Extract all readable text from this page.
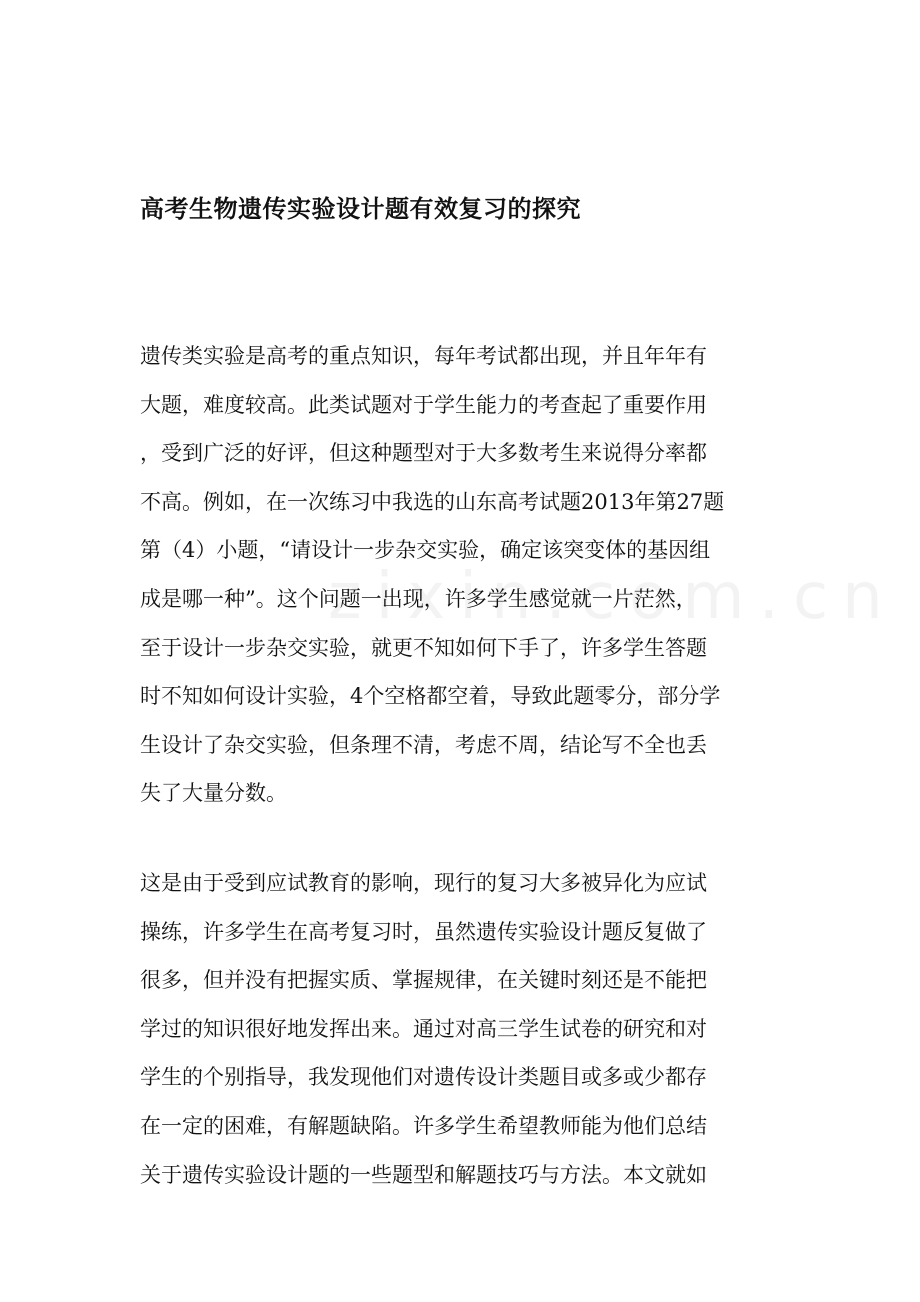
高考生物遗传实验设计题有效复习的探究
遗传类实验是高考的重点知识，每年考试都出现，并且年年有
大题，难度较高。此类试题对于学生能力的考查起了重要作用
，受到广泛的好评，但这种题型对于大多数考生来说得分率都
不高。例如，在一次练习中我选的山东高考试题2013年第27题
第（4）小题，“请设计一步杂交实验，确定该突变体的基因组
成是哪一种”。这个问题一出现，许多学生感觉就一片茫然，
至于设计一步杂交实验，就更不知如何下手了，许多学生答题
时不知如何设计实验，4个空格都空着，导致此题零分，部分学
生设计了杂交实验，但条理不清，考虑不周，结论写不全也丢
失了大量分数。
这是由于受到应试教育的影响，现行的复习大多被异化为应试
操练，许多学生在高考复习时，虽然遗传实验设计题反复做了
很多，但并没有把握实质、掌握规律，在关键时刻还是不能把
学过的知识很好地发挥出来。通过对高三学生试卷的研究和对
学生的个别指导，我发现他们对遗传设计类题目或多或少都存
在一定的困难，有解题缺陷。许多学生希望教师能为他们总结
关于遗传实验设计题的一些题型和解题技巧与方法。本文就如
